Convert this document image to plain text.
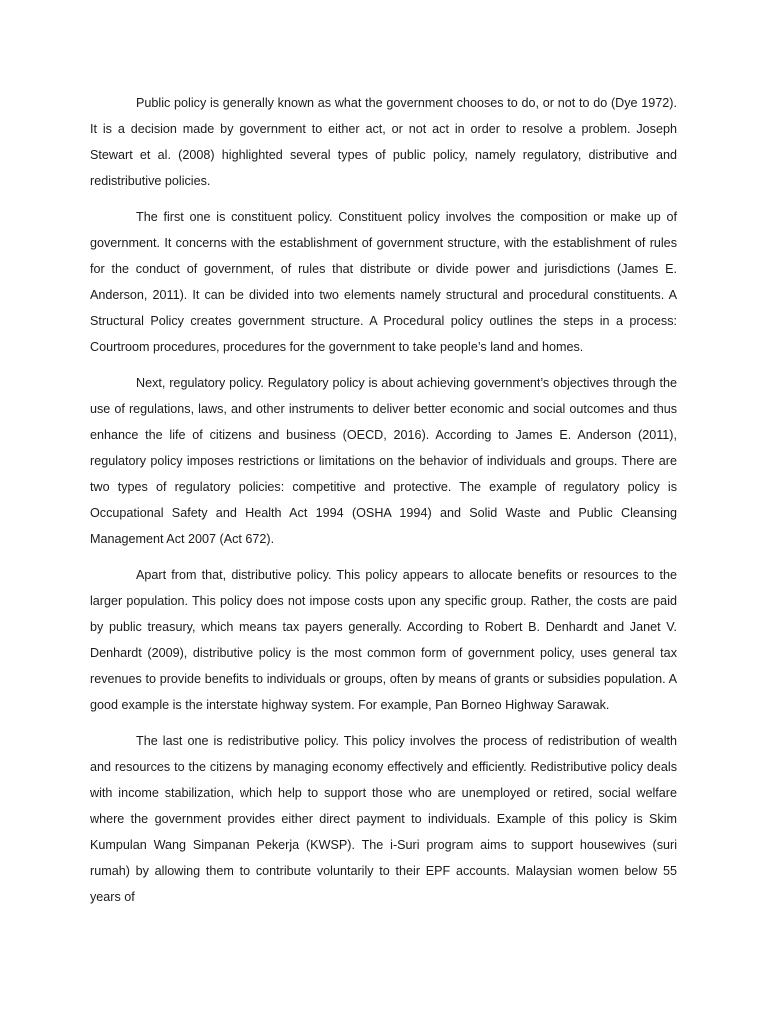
Public policy is generally known as what the government chooses to do, or not to do (Dye 1972). It is a decision made by government to either act, or not act in order to resolve a problem. Joseph Stewart et al. (2008) highlighted several types of public policy, namely regulatory, distributive and redistributive policies.

The first one is constituent policy. Constituent policy involves the composition or make up of government. It concerns with the establishment of government structure, with the establishment of rules for the conduct of government, of rules that distribute or divide power and jurisdictions (James E. Anderson, 2011). It can be divided into two elements namely structural and procedural constituents. A Structural Policy creates government structure. A Procedural policy outlines the steps in a process: Courtroom procedures, procedures for the government to take people’s land and homes.

Next, regulatory policy. Regulatory policy is about achieving government’s objectives through the use of regulations, laws, and other instruments to deliver better economic and social outcomes and thus enhance the life of citizens and business (OECD, 2016). According to James E. Anderson (2011), regulatory policy imposes restrictions or limitations on the behavior of individuals and groups. There are two types of regulatory policies: competitive and protective. The example of regulatory policy is Occupational Safety and Health Act 1994 (OSHA 1994) and Solid Waste and Public Cleansing Management Act 2007 (Act 672).

Apart from that, distributive policy. This policy appears to allocate benefits or resources to the larger population. This policy does not impose costs upon any specific group. Rather, the costs are paid by public treasury, which means tax payers generally. According to Robert B. Denhardt and Janet V. Denhardt (2009), distributive policy is the most common form of government policy, uses general tax revenues to provide benefits to individuals or groups, often by means of grants or subsidies population. A good example is the interstate highway system. For example, Pan Borneo Highway Sarawak.

The last one is redistributive policy. This policy involves the process of redistribution of wealth and resources to the citizens by managing economy effectively and efficiently. Redistributive policy deals with income stabilization, which help to support those who are unemployed or retired, social welfare where the government provides either direct payment to individuals. Example of this policy is Skim Kumpulan Wang Simpanan Pekerja (KWSP). The i-Suri program aims to support housewives (suri rumah) by allowing them to contribute voluntarily to their EPF accounts. Malaysian women below 55 years of
